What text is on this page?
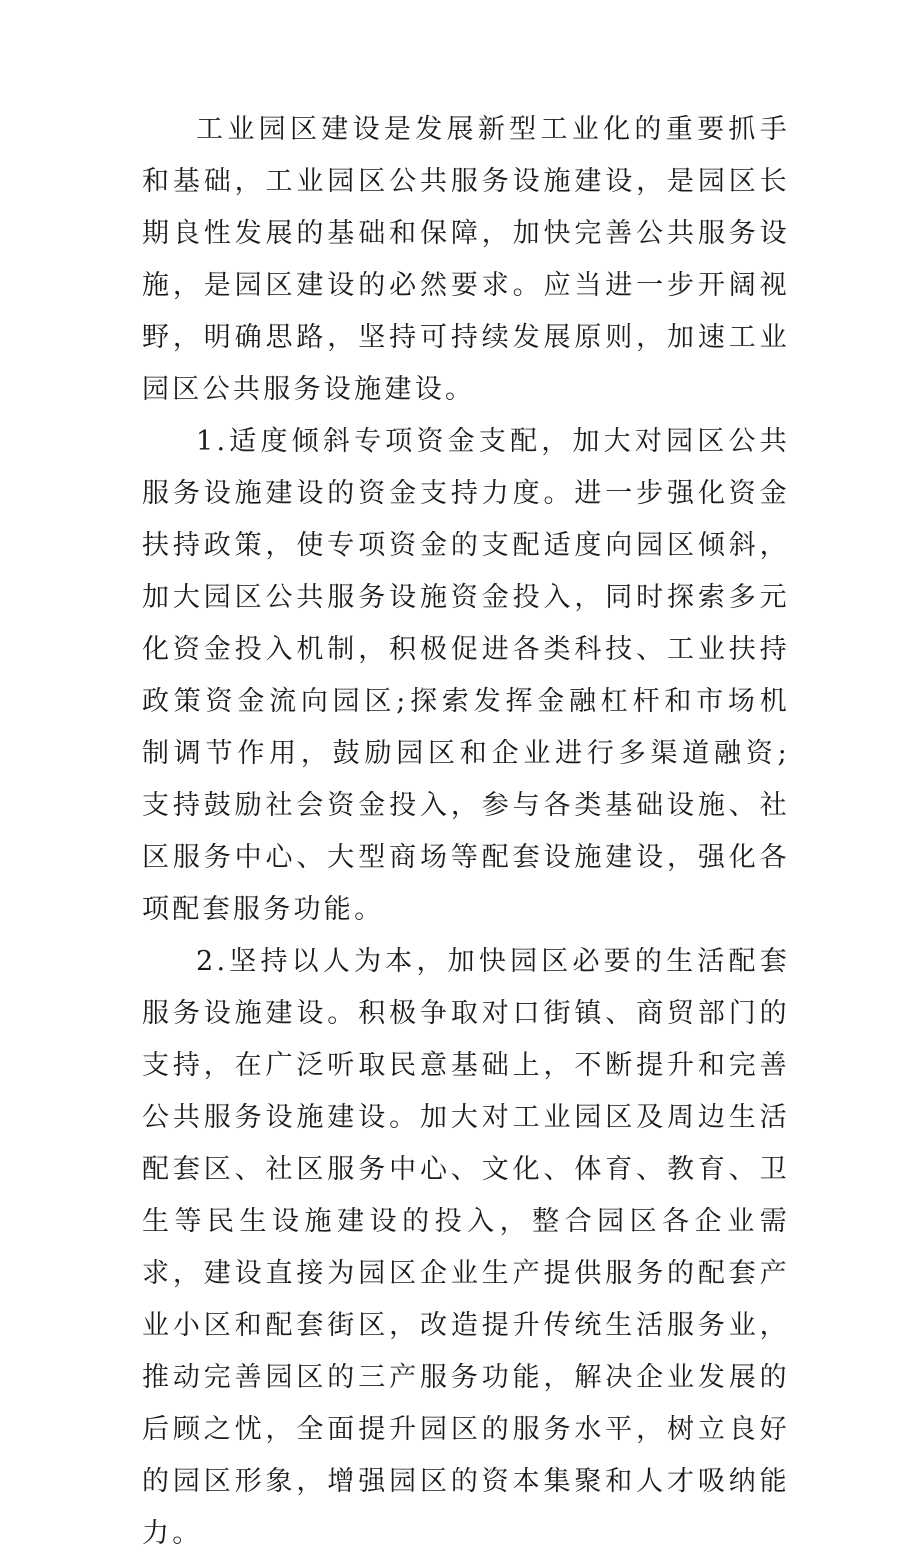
工业园区建设是发展新型工业化的重要抓手和基础，工业园区公共服务设施建设，是园区长期良性发展的基础和保障，加快完善公共服务设施，是园区建设的必然要求。应当进一步开阔视野，明确思路，坚持可持续发展原则，加速工业园区公共服务设施建设。

1.适度倾斜专项资金支配，加大对园区公共服务设施建设的资金支持力度。进一步强化资金扶持政策，使专项资金的支配适度向园区倾斜，加大园区公共服务设施资金投入，同时探索多元化资金投入机制，积极促进各类科技、工业扶持政策资金流向园区;探索发挥金融杠杆和市场机制调节作用，鼓励园区和企业进行多渠道融资;支持鼓励社会资金投入，参与各类基础设施、社区服务中心、大型商场等配套设施建设，强化各项配套服务功能。

2.坚持以人为本，加快园区必要的生活配套服务设施建设。积极争取对口街镇、商贸部门的支持，在广泛听取民意基础上，不断提升和完善公共服务设施建设。加大对工业园区及周边生活配套区、社区服务中心、文化、体育、教育、卫生等民生设施建设的投入，整合园区各企业需求，建设直接为园区企业生产提供服务的配套产业小区和配套街区，改造提升传统生活服务业，推动完善园区的三产服务功能，解决企业发展的后顾之忧，全面提升园区的服务水平，树立良好的园区形象，增强园区的资本集聚和人才吸纳能力。
